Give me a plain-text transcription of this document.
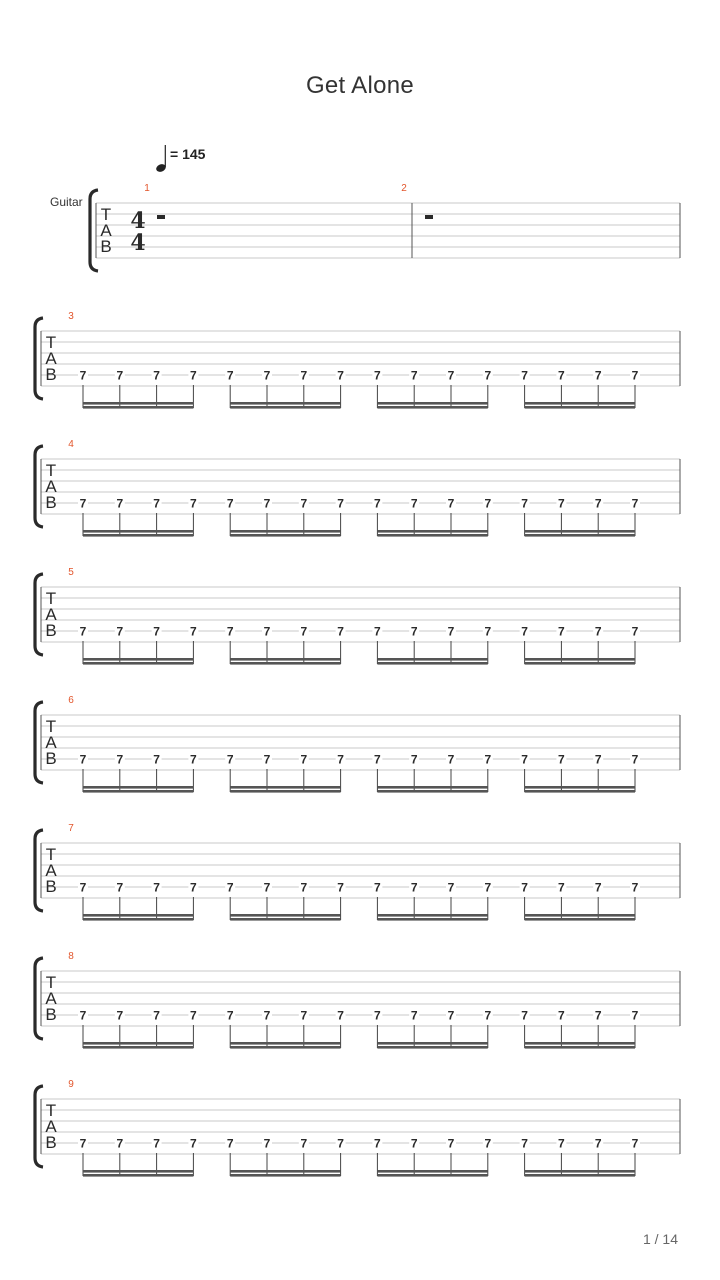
Get Alone
= 145
Guitar
T
A
B
4
4
1	2
T
A
B
3
7	7	7	7	7	7	7	7	7	7	7	7	7	7	7	7
T
A
B
4
7	7	7	7	7	7	7	7	7	7	7	7	7	7	7	7
T
A
B
5
7	7	7	7	7	7	7	7	7	7	7	7	7	7	7	7
T
A
B
6
7	7	7	7	7	7	7	7	7	7	7	7	7	7	7	7
T
A
B
7
7	7	7	7	7	7	7	7	7	7	7	7	7	7	7	7
T
A
B
8
7	7	7	7	7	7	7	7	7	7	7	7	7	7	7	7
T
A
B
9
7	7	7	7	7	7	7	7	7	7	7	7	7	7	7	7
1 / 14
